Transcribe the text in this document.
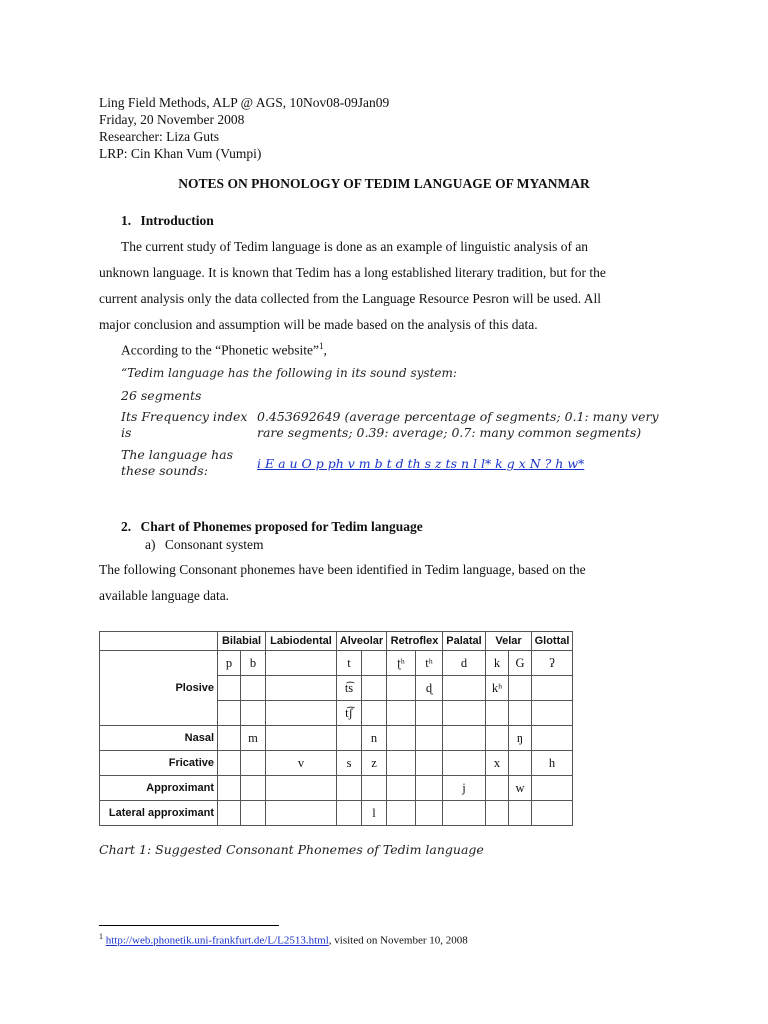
Ling Field Methods, ALP @ AGS, 10Nov08-09Jan09
Friday, 20 November 2008
Researcher: Liza Guts
LRP: Cin Khan Vum (Vumpi)
NOTES ON PHONOLOGY OF TEDIM LANGUAGE OF MYANMAR
1. Introduction
The current study of Tedim language is done as an example of linguistic analysis of an
unknown language. It is known that Tedim has a long established literary tradition, but for the
current analysis only the data collected from the Language Resource Pesron will be used. All
major conclusion and assumption will be made based on the analysis of this data.
According to the “Phonetic website”$^1$,
“Tedim language has the following in its sound system:
26 segments
Its Frequency index is
0.453692649 (average percentage of segments; 0.1: many very rare segments; 0.39: average; 0.7: many common segments)
The language has these sounds:	i E a u O p ph v m b t d th s z ts n l l* k g x N ? h w*
2. Chart of Phonemes proposed for Tedim language
a) Consonant system
The following Consonant phonemes have been identified in Tedim language, based on the
available language data.
	Bilabial		Labiodental	Alveolar		Retroflex		Palatal	Velar		Glottal
Plosive	p	b		t		ʈʰ	tʰ	d	k	G	ʔ
				t͡s			ɖ		kʰ		
				t͡ʃ							
Nasal		m			n					ŋ	
Fricative			v	s	z				x		h
Approximant								j		w	
Lateral approximant					l						
Chart 1: Suggested Consonant Phonemes of Tedim language
$^1$ http://web.phonetik.uni-frankfurt.de/L/L2513.html, visited on November 10, 2008
